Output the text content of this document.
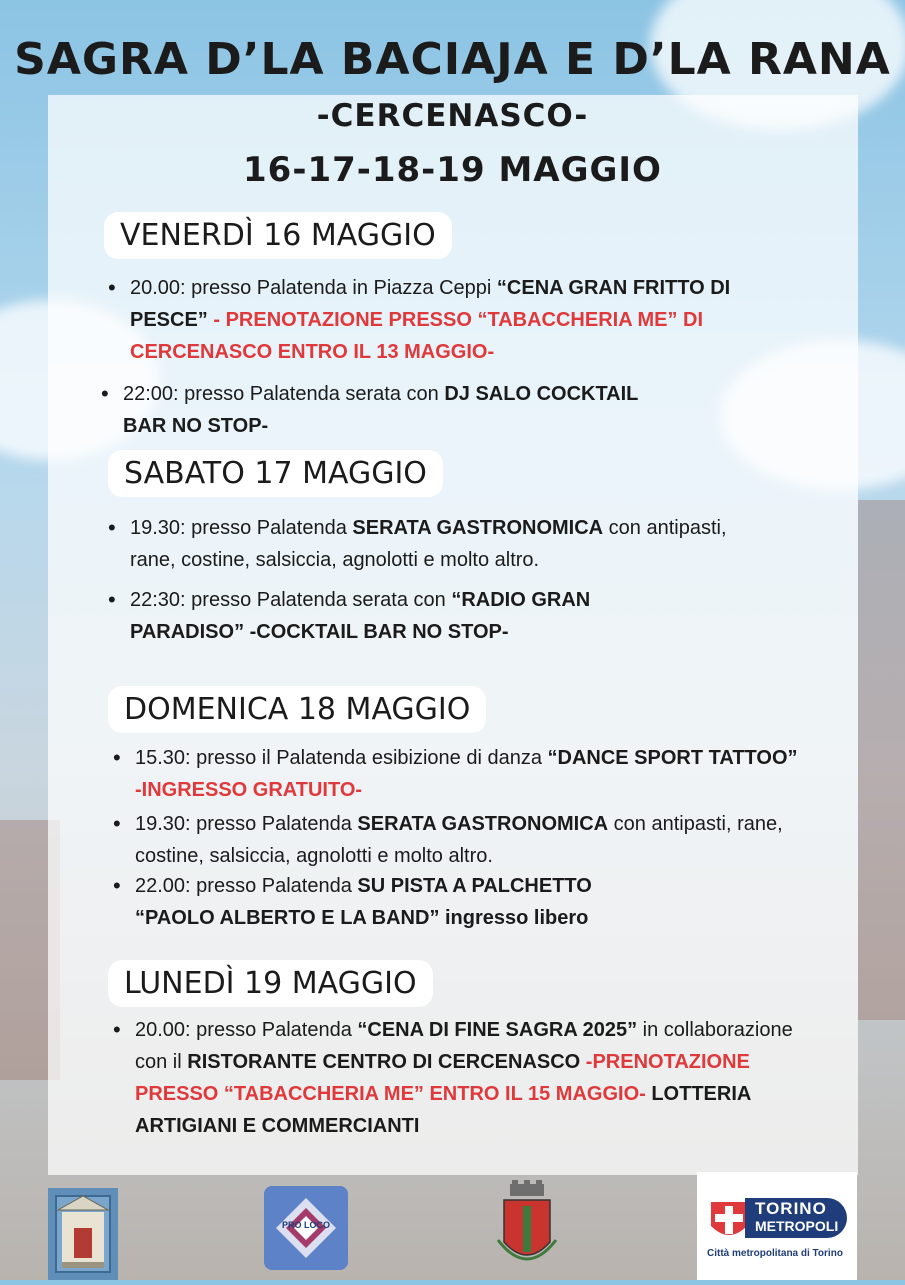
SAGRA D’LA BACIAJA E D’LA RANA
-CERCENASCO-
16-17-18-19 MAGGIO
VENERDÌ 16 MAGGIO

• 20.00: presso Palatenda in Piazza Ceppi “CENA GRAN FRITTO DI PESCE” - PRENOTAZIONE PRESSO “TABACCHERIA ME” DI CERCENASCO ENTRO IL 13 MAGGIO-

• 22:00: presso Palatenda serata con DJ SALO COCKTAIL BAR NO STOP-

SABATO 17 MAGGIO

• 19.30: presso Palatenda SERATA GASTRONOMICA con antipasti, rane, costine, salsiccia, agnolotti e molto altro.

• 22:30: presso Palatenda serata con “RADIO GRAN PARADISO” -COCKTAIL BAR NO STOP-

DOMENICA 18 MAGGIO

• 15.30: presso il Palatenda esibizione di danza “DANCE SPORT TATTOO” -INGRESSO GRATUITO-

• 19.30: presso Palatenda SERATA GASTRONOMICA con antipasti, rane, costine, salsiccia, agnolotti e molto altro.

• 22.00: presso Palatenda SU PISTA A PALCHETTO “PAOLO ALBERTO E LA BAND” ingresso libero

LUNEDÌ 19 MAGGIO

• 20.00: presso Palatenda “CENA DI FINE SAGRA 2025” in collaborazione con il RISTORANTE CENTRO DI CERCENASCO -PRENOTAZIONE PRESSO “TABACCHERIA ME” ENTRO IL 15 MAGGIO- LOTTERIA ARTIGIANI E COMMERCIANTI

PRO LOCO
TORINO
METROPOLI
Città metropolitana di Torino
